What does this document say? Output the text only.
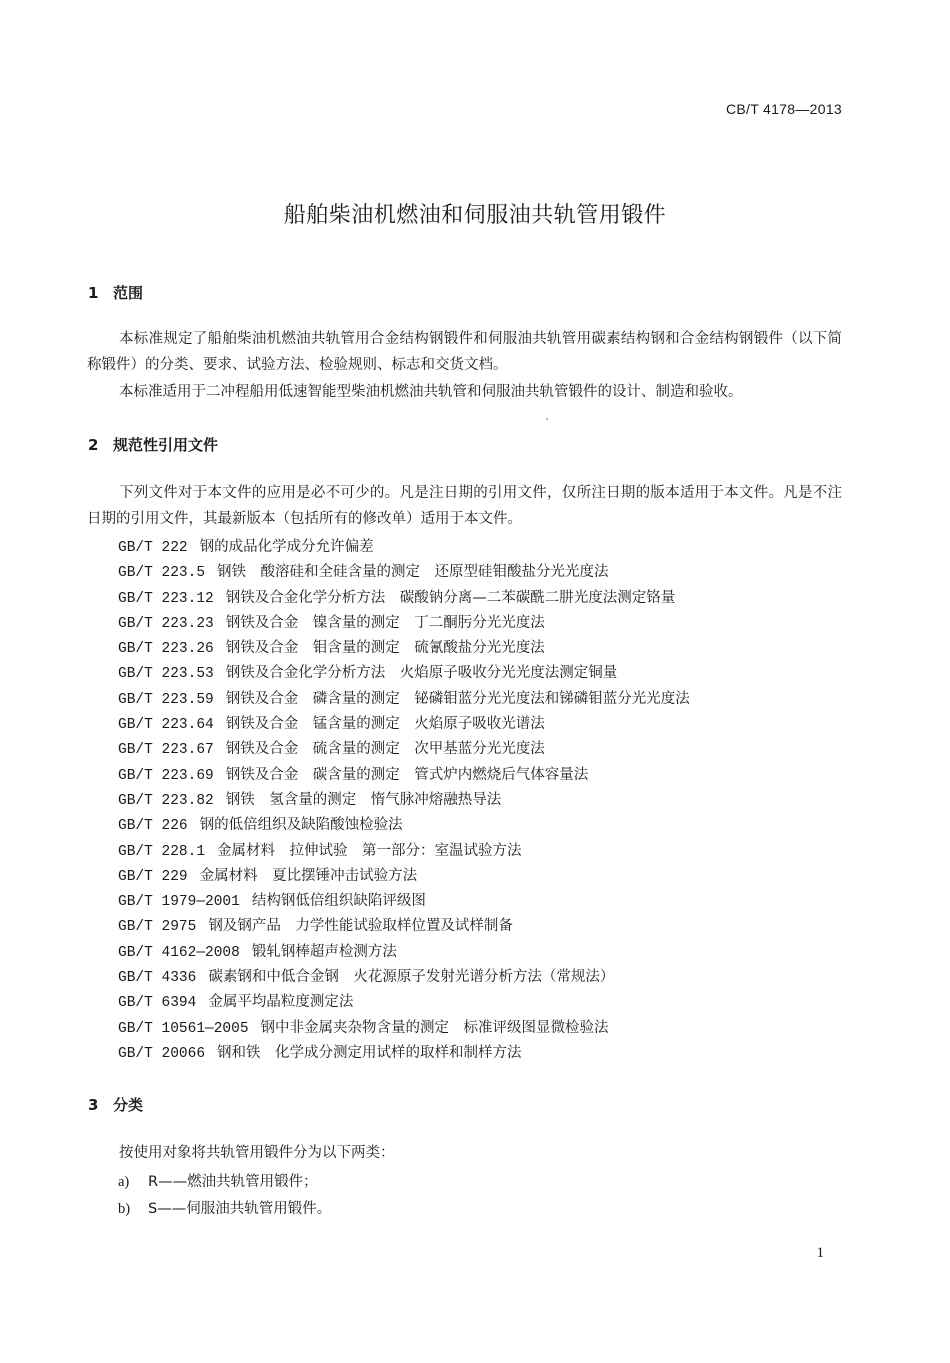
CB/T 4178—2013
船舶柴油机燃油和伺服油共轨管用锻件
1 范围
本标准规定了船舶柴油机燃油共轨管用合金结构钢锻件和伺服油共轨管用碳素结构钢和合金结构钢锻件（以下简称锻件）的分类、要求、试验方法、检验规则、标志和交货文档。
本标准适用于二冲程船用低速智能型柴油机燃油共轨管和伺服油共轨管锻件的设计、制造和验收。
2 规范性引用文件
下列文件对于本文件的应用是必不可少的。凡是注日期的引用文件，仅所注日期的版本适用于本文件。凡是不注日期的引用文件，其最新版本（包括所有的修改单）适用于本文件。
GB/T 222 钢的成品化学成分允许偏差
GB/T 223.5 钢铁　酸溶硅和全硅含量的测定　还原型硅钼酸盐分光光度法
GB/T 223.12 钢铁及合金化学分析方法　碳酸钠分离—二苯碳酰二肼光度法测定铬量
GB/T 223.23 钢铁及合金　镍含量的测定　丁二酮肟分光光度法
GB/T 223.26 钢铁及合金　钼含量的测定　硫氰酸盐分光光度法
GB/T 223.53 钢铁及合金化学分析方法　火焰原子吸收分光光度法测定铜量
GB/T 223.59 钢铁及合金　磷含量的测定　铋磷钼蓝分光光度法和锑磷钼蓝分光光度法
GB/T 223.64 钢铁及合金　锰含量的测定　火焰原子吸收光谱法
GB/T 223.67 钢铁及合金　硫含量的测定　次甲基蓝分光光度法
GB/T 223.69 钢铁及合金　碳含量的测定　管式炉内燃烧后气体容量法
GB/T 223.82 钢铁　氢含量的测定　惰气脉冲熔融热导法
GB/T 226 钢的低倍组织及缺陷酸蚀检验法
GB/T 228.1 金属材料　拉伸试验　第一部分：室温试验方法
GB/T 229 金属材料　夏比摆锤冲击试验方法
GB/T 1979—2001 结构钢低倍组织缺陷评级图
GB/T 2975 钢及钢产品　力学性能试验取样位置及试样制备
GB/T 4162—2008 锻轧钢棒超声检测方法
GB/T 4336 碳素钢和中低合金钢　火花源原子发射光谱分析方法（常规法）
GB/T 6394 金属平均晶粒度测定法
GB/T 10561—2005 钢中非金属夹杂物含量的测定　标准评级图显微检验法
GB/T 20066 钢和铁　化学成分测定用试样的取样和制样方法
3 分类
按使用对象将共轨管用锻件分为以下两类：
a) R——燃油共轨管用锻件；
b) S——伺服油共轨管用锻件。
1
